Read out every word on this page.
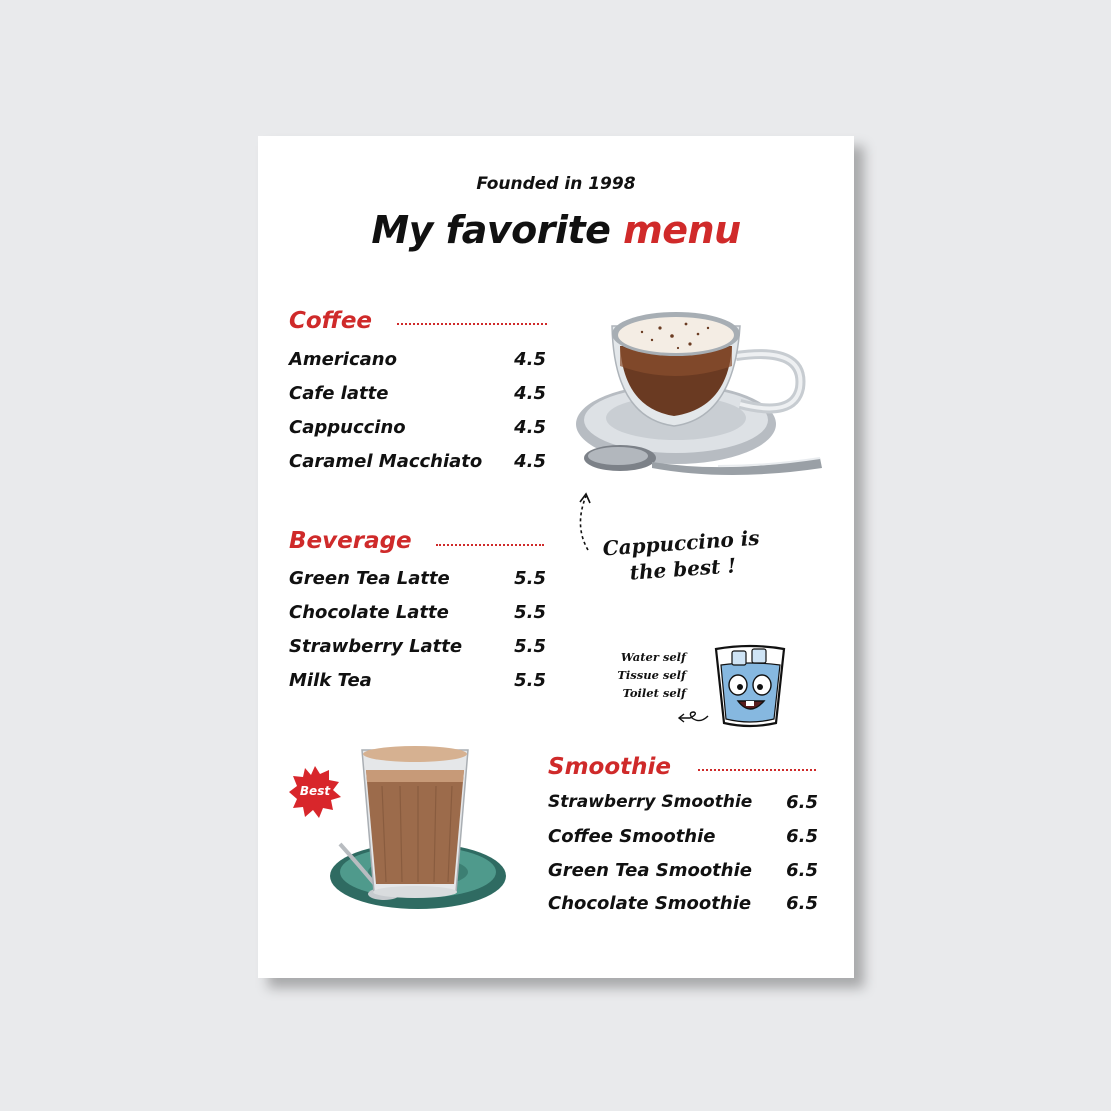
Founded in 1998
My favorite menu
Coffee
Americano	4.5
Cafe latte	4.5
Cappuccino	4.5
Caramel Macchiato	4.5
Beverage
Green Tea Latte	5.5
Chocolate Latte	5.5
Strawberry Latte	5.5
Milk Tea	5.5
Smoothie
Strawberry Smoothie	6.5
Coffee Smoothie	6.5
Green Tea Smoothie	6.5
Chocolate Smoothie	6.5
Cappuccino is
the best !
Water self
Tissue self
Toilet self
Best
